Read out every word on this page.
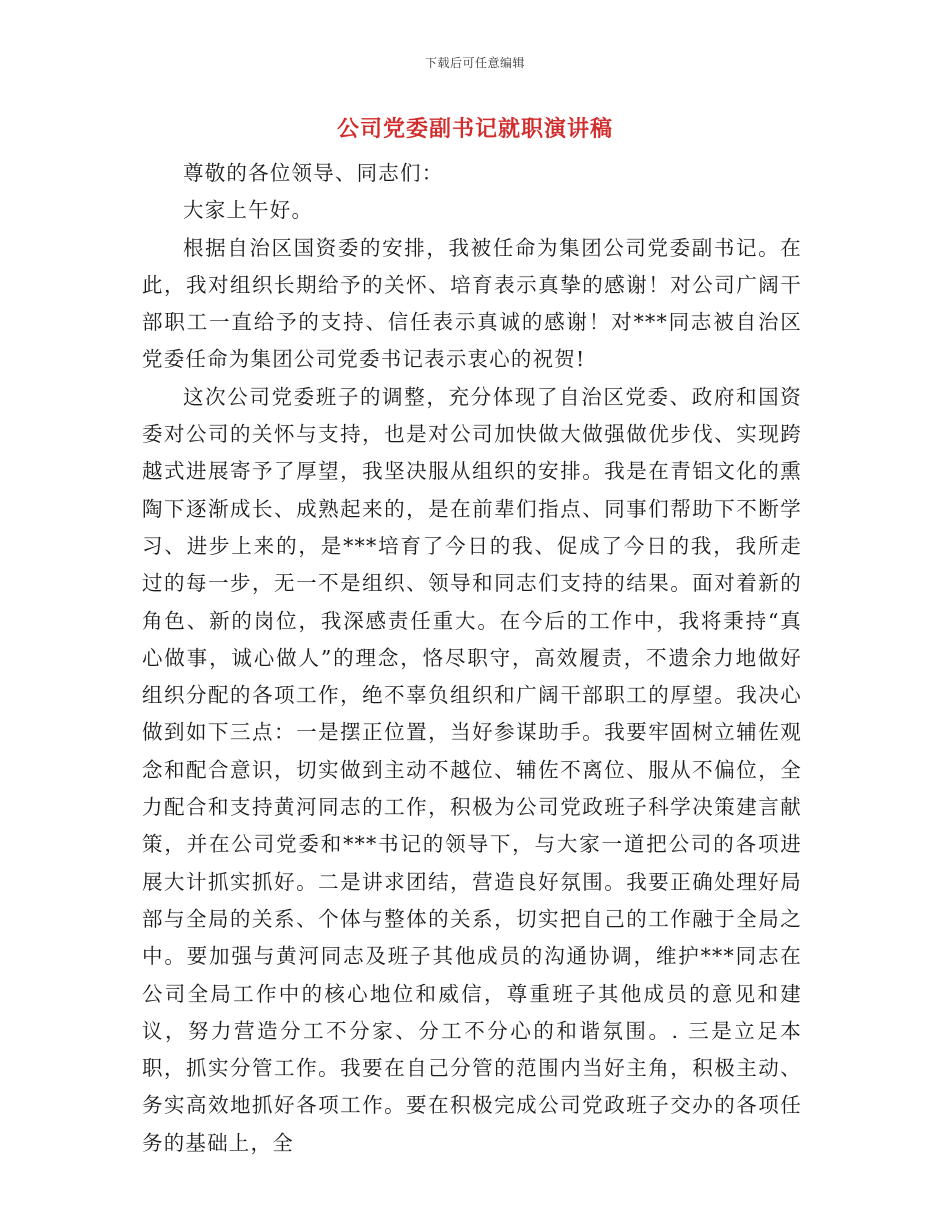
下载后可任意编辑
公司党委副书记就职演讲稿

尊敬的各位领导、同志们：

大家上午好。

根据自治区国资委的安排，我被任命为集团公司党委副书记。在此，我对组织长期给予的关怀、培育表示真挚的感谢！对公司广阔干部职工一直给予的支持、信任表示真诚的感谢！对***同志被自治区党委任命为集团公司党委书记表示衷心的祝贺!

这次公司党委班子的调整，充分体现了自治区党委、政府和国资委对公司的关怀与支持，也是对公司加快做大做强做优步伐、实现跨越式进展寄予了厚望，我坚决服从组织的安排。我是在青铝文化的熏陶下逐渐成长、成熟起来的，是在前辈们指点、同事们帮助下不断学习、进步上来的，是***培育了今日的我、促成了今日的我，我所走过的每一步，无一不是组织、领导和同志们支持的结果。面对着新的角色、新的岗位，我深感责任重大。在今后的工作中，我将秉持“真心做事，诚心做人”的理念，恪尽职守，高效履责，不遗余力地做好组织分配的各项工作，绝不辜负组织和广阔干部职工的厚望。我决心做到如下三点：一是摆正位置，当好参谋助手。我要牢固树立辅佐观念和配合意识，切实做到主动不越位、辅佐不离位、服从不偏位，全力配合和支持黄河同志的工作，积极为公司党政班子科学决策建言献策，并在公司党委和***书记的领导下，与大家一道把公司的各项进展大计抓实抓好。二是讲求团结，营造良好氛围。我要正确处理好局部与全局的关系、个体与整体的关系，切实把自己的工作融于全局之中。要加强与黄河同志及班子其他成员的沟通协调，维护***同志在公司全局工作中的核心地位和威信，尊重班子其他成员的意见和建议，努力营造分工不分家、分工不分心的和谐氛围。. 三是立足本职，抓实分管工作。我要在自己分管的范围内当好主角，积极主动、务实高效地抓好各项工作。要在积极完成公司党政班子交办的各项任务的基础上，全
